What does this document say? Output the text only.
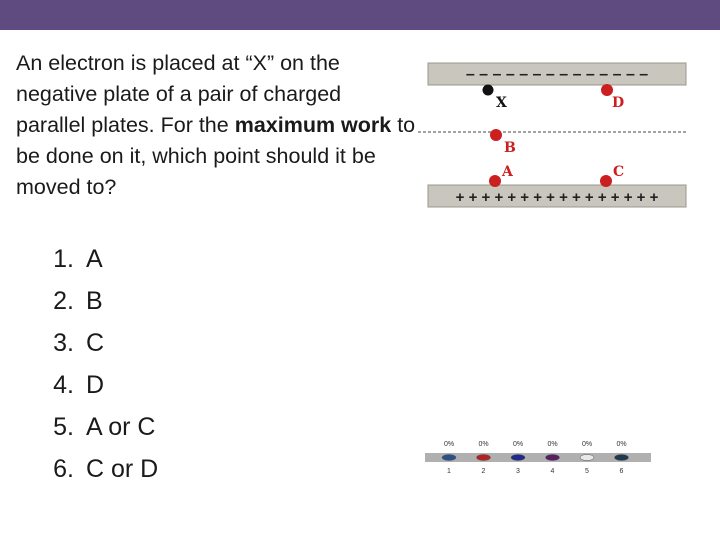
An electron is placed at “X” on the negative plate of a pair of charged parallel plates. For the maximum work to be done on it, which point should it be moved to?
1. A
2. B
3. C
4. D
5. A or C
6. C or D
– – – – – – – – – – – – – –
+ + + + + + + + + + + + + + + +
X	D
B
A	C
0%
1
0%
2
0%
3
0%
4
0%
5
0%
6
